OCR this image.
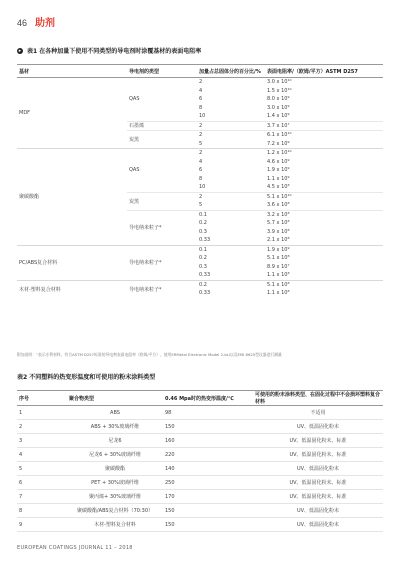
46 助剂
▸ 表1 在各种加量下使用不同类型的导电剂时涂覆基材的表面电阻率
基材	导电剂的类型	加量占总固体分的百分比/%	表面电阻率/（欧姆/平方）ASTM D257
MDF	QAS	2	3.0 x 10¹⁰
		4	1.5 x 10¹⁰
		6	8.0 x 10⁹
		8	3.0 x 10⁹
		10	1.4 x 10⁹
	石墨烯	2	3.7 x 10⁷
	炭黑	2	6.1 x 10¹⁰
		5	7.2 x 10⁹
聚碳酸酯	QAS	2	1.2 x 10¹⁰
		4	4.6 x 10⁹
		6	1.9 x 10⁹
		8	1.1 x 10⁹
		10	4.5 x 10⁸
	炭黑	2	5.1 x 10¹⁰
		5	3.6 x 10⁸
	导电纳米粒子*	0.1	3.2 x 10⁸
		0.2	5.7 x 10⁸
		0.3	3.9 x 10⁸
		0.33	2.1 x 10⁸
PC/ABS复合材料	导电纳米粒子*	0.1	1.9 x 10⁹
		0.2	5.1 x 10⁸
		0.3	8.9 x 10⁷
		0.33	1.1 x 10⁸
木材-塑料复合材料	导电纳米粒子*	0.2	5.1 x 10⁸
		0.33	1.1 x 10⁸
附加说明：“表示专利材料。符合ASTM D257标准的导电剂表面电阻率（欧姆/平方），使用ERMetal Electronic Model 2-bLi以及EMI 8625型仪器进行测量
表2 不同塑料的热变形温度和可使用的粉末涂料类型
序号	聚合物类型	0.46 Mpa时的热变形温度/℃	可使用的粉末涂料类型、在固化过程中不会损坏塑料复合材料
1	ABS	98	不适用
2	ABS + 30%玻璃纤维	150	UV、低温固化粉末
3	尼龙6	160	UV、低温固化粉末、标准
4	尼龙6 + 30%玻璃纤维	220	UV、低温固化粉末、标准
5	聚碳酸酯	140	UV、低温固化粉末
6	PET + 30%玻璃纤维	250	UV、低温固化粉末、标准
7	聚丙烯+ 30%玻璃纤维	170	UV、低温固化粉末、标准
8	聚碳酸酯/ABS复合材料（70:30）	150	UV、低温固化粉末
9	木材-塑料复合材料	150	UV、低温固化粉末
EUROPEAN COATINGS JOURNAL 11 – 2018
